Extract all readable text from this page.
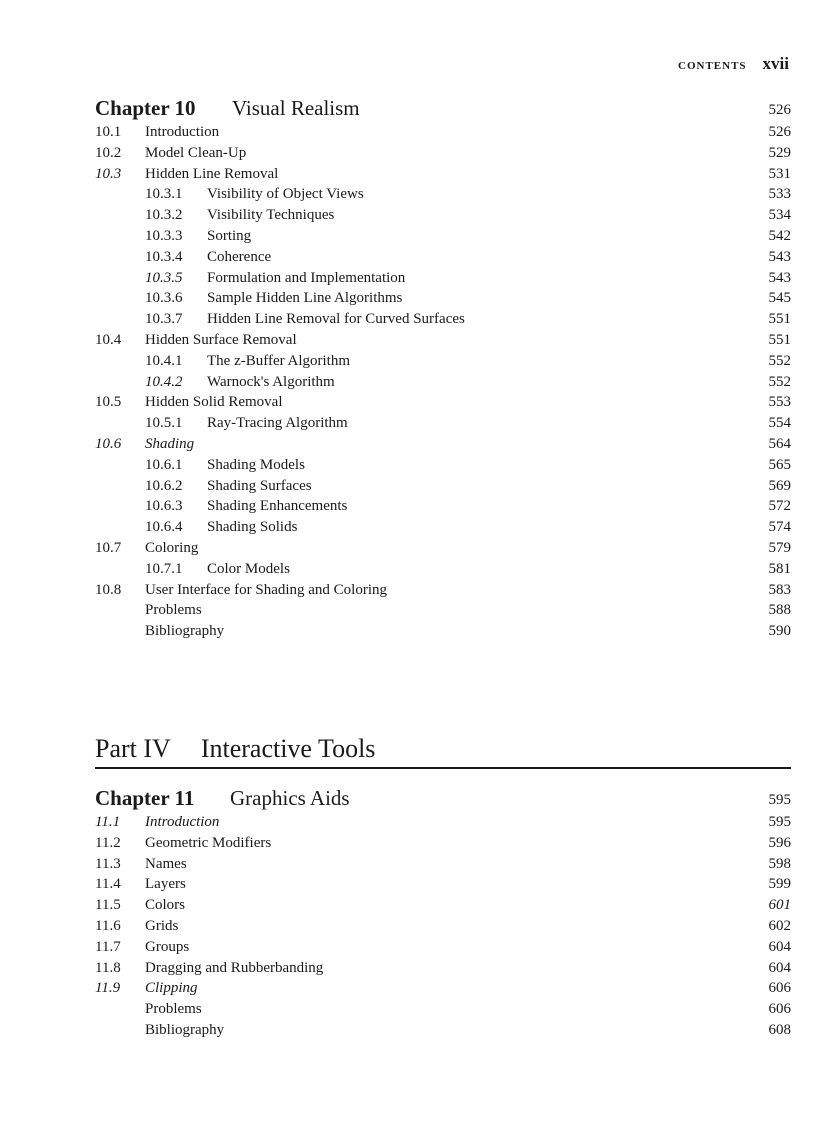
CONTENTS xvii
Chapter 10 Visual Realism	526
10.1 Introduction	526
10.2 Model Clean-Up	529
10.3 Hidden Line Removal	531
10.3.1 Visibility of Object Views	533
10.3.2 Visibility Techniques	534
10.3.3 Sorting	542
10.3.4 Coherence	543
10.3.5 Formulation and Implementation	543
10.3.6 Sample Hidden Line Algorithms	545
10.3.7 Hidden Line Removal for Curved Surfaces	551
10.4 Hidden Surface Removal	551
10.4.1 The z-Buffer Algorithm	552
10.4.2 Warnock's Algorithm	552
10.5 Hidden Solid Removal	553
10.5.1 Ray-Tracing Algorithm	554
10.6 Shading	564
10.6.1 Shading Models	565
10.6.2 Shading Surfaces	569
10.6.3 Shading Enhancements	572
10.6.4 Shading Solids	574
10.7 Coloring	579
10.7.1 Color Models	581
10.8 User Interface for Shading and Coloring	583
Problems	588
Bibliography	590
Part IV Interactive Tools
Chapter 11 Graphics Aids	595
11.1 Introduction	595
11.2 Geometric Modifiers	596
11.3 Names	598
11.4 Layers	599
11.5 Colors	601
11.6 Grids	602
11.7 Groups	604
11.8 Dragging and Rubberbanding	604
11.9 Clipping	606
Problems	606
Bibliography	608
